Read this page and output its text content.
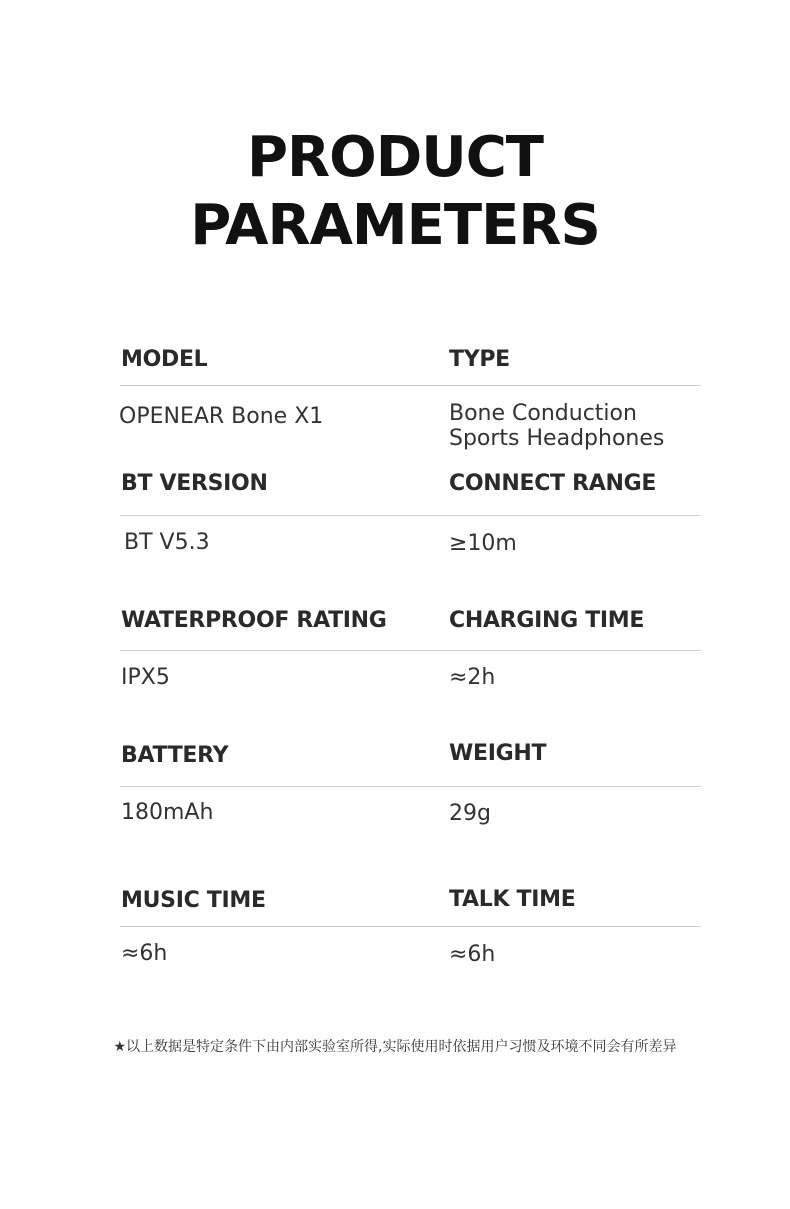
PRODUCT
PARAMETERS
MODEL	TYPE
OPENEAR Bone X1	Bone Conduction
Sports Headphones
BT VERSION	CONNECT RANGE
BT V5.3	≥10m
WATERPROOF RATING	CHARGING TIME
IPX5	≈2h
BATTERY	WEIGHT
180mAh	29g
MUSIC TIME	TALK TIME
≈6h	≈6h
★以上数据是特定条件下由内部实验室所得,实际使用时依据用户习惯及环境不同会有所差异
